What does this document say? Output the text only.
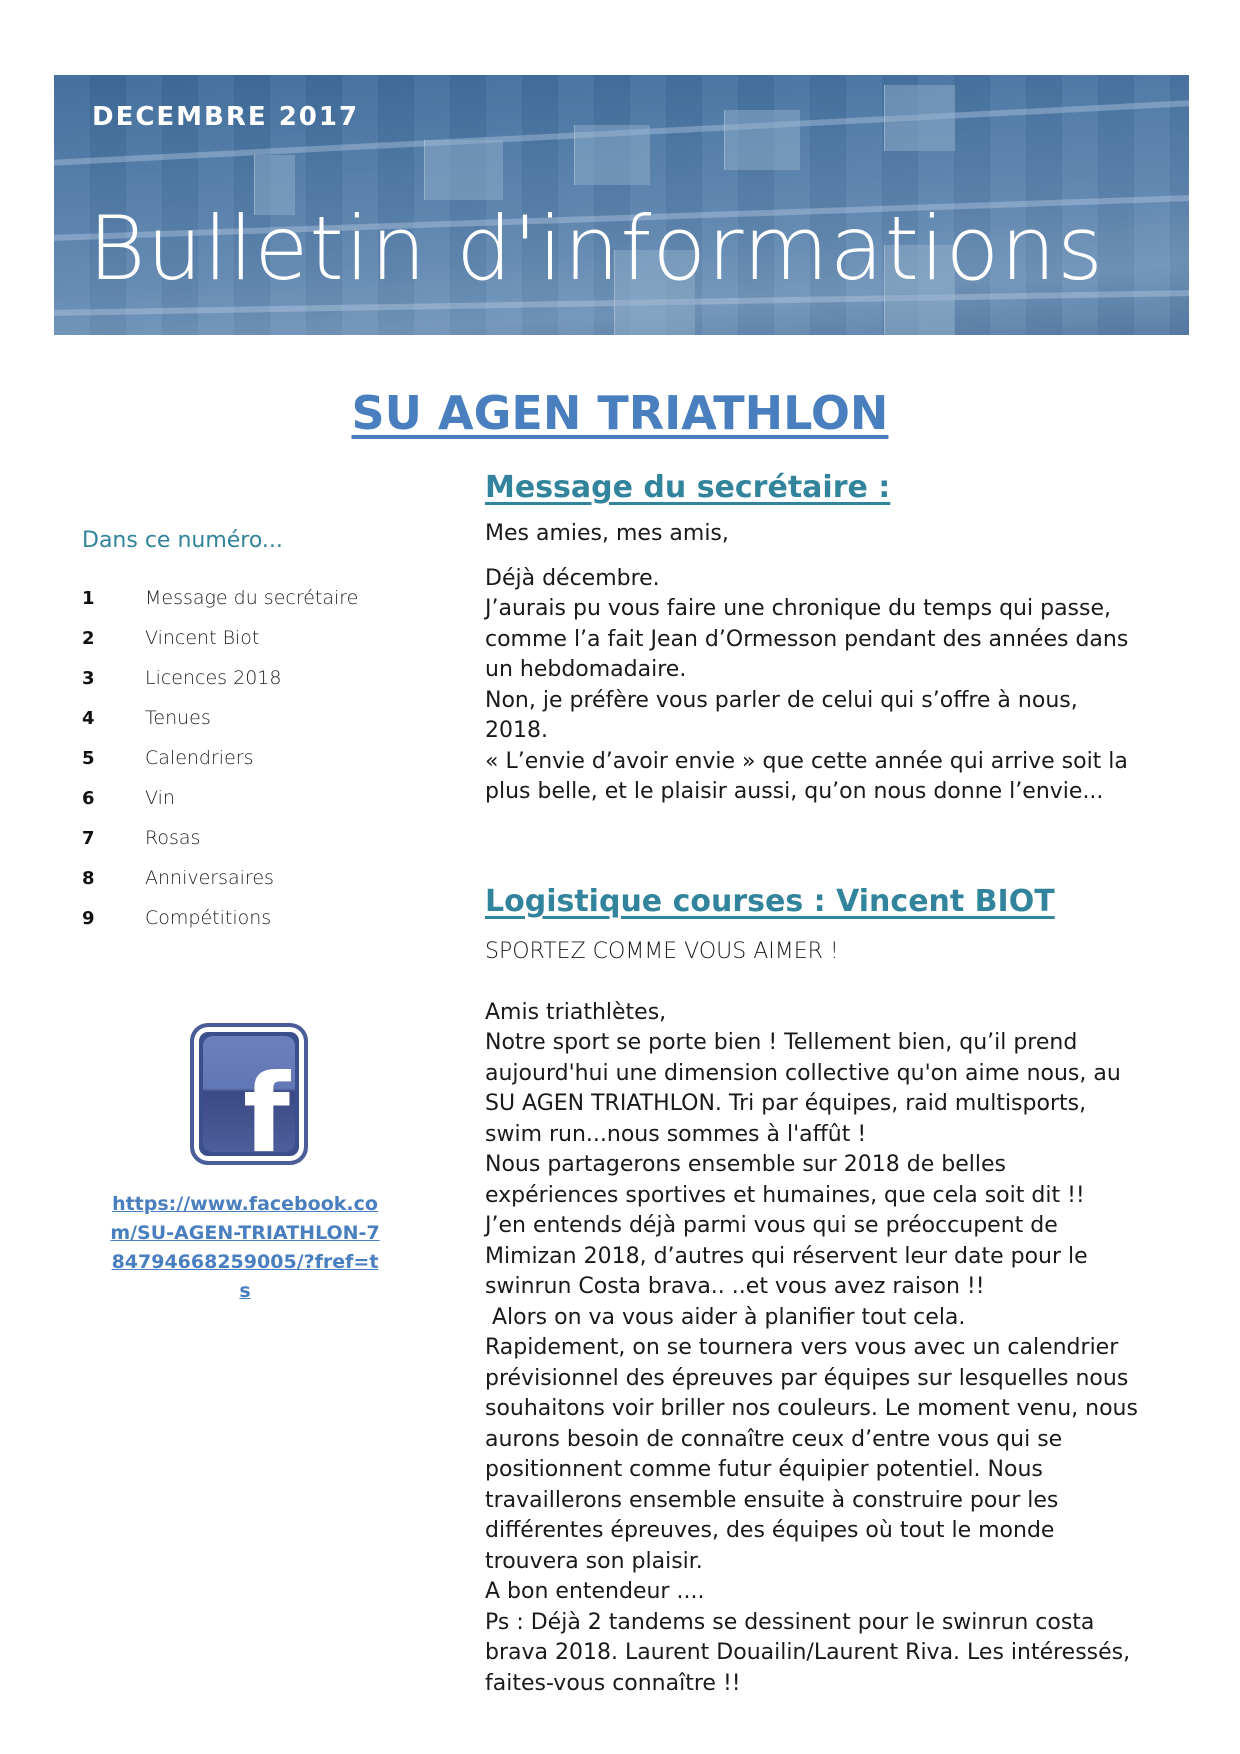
DECEMBRE 2017
Bulletin d'informations
SU AGEN TRIATHLON
Dans ce numéro...
1	Message du secrétaire
2	Vincent Biot
3	Licences 2018
4	Tenues
5	Calendriers
6	Vin
7	Rosas
8	Anniversaires
9	Compétitions
f
https://www.facebook.com/SU-AGEN-TRIATHLON-784794668259005/?fref=ts
Message du secrétaire :

Mes amies, mes amis,

Déjà décembre.

J’aurais pu vous faire une chronique du temps qui passe, comme l’a fait Jean d’Ormesson pendant des années dans un hebdomadaire.

Non, je préfère vous parler de celui qui s’offre à nous, 2018.

« L’envie d’avoir envie » que cette année qui arrive soit la plus belle, et le plaisir aussi, qu’on nous donne l’envie...

Logistique courses : Vincent BIOT

SPORTEZ COMME VOUS AIMER !

Amis triathlètes,

Notre sport se porte bien ! Tellement bien, qu’il prend aujourd'hui une dimension collective qu'on aime nous, au SU AGEN TRIATHLON. Tri par équipes, raid multisports, swim run...nous sommes à l'affût !

Nous partagerons ensemble sur 2018 de belles expériences sportives et humaines, que cela soit dit !!

J’en entends déjà parmi vous qui se préoccupent de Mimizan 2018, d’autres qui réservent leur date pour le swinrun Costa brava.. ..et vous avez raison !!

Alors on va vous aider à planifier tout cela.

Rapidement, on se tournera vers vous avec un calendrier prévisionnel des épreuves par équipes sur lesquelles nous souhaitons voir briller nos couleurs. Le moment venu, nous aurons besoin de connaître ceux d’entre vous qui se positionnent comme futur équipier potentiel. Nous travaillerons ensemble ensuite à construire pour les différentes épreuves, des équipes où tout le monde trouvera son plaisir.

A bon entendeur ....

Ps : Déjà 2 tandems se dessinent pour le swinrun costa brava 2018. Laurent Douailin/Laurent Riva. Les intéressés, faites-vous connaître !!
